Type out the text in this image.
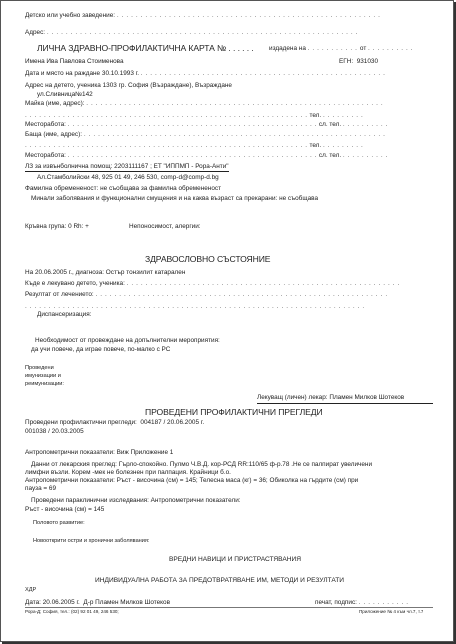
Детско или учебно заведение: . . . . . . . . . . . . . . . . . . . . . . . . . . . . . . . . . . . . . . . . . . . . . . . . . . . . . . . .
Адрес: . . . . . . . . . . . . . . . . . . . . . . . . . . . . . . . . . . . . . . . . . . . . . . . . . . . . . . . . . . . . . . . . . .
ЛИЧНА ЗДРАВНО-ПРОФИЛАКТИЧНА КАРТА № . . . . . . издадена на . . . . . . . . . . . от . . . . . . . . . .
Имена Ива Павлова Стоименова	ЕГН: 931030
Дата и място на раждане 30.10.1993 г. . . . . . . . . . . . . . . . . . . . . . . . . . . . . . . . . . . . . . . . . . . . . . . . . . . . .
Адрес на детето, ученика 1303 гр. София (Възраждане), Възраждане
ул.Сливница№142
Майка (име, адрес): . . . . . . . . . . . . . . . . . . . . . . . . . . . . . . . . . . . . . . . . . . . . . . . . . . . . . . . . . . . . . . .
. . . . . . . . . . . . . . . . . . . . . . . . . . . . . . . . . . . . . . . . . . . . . . . . . . . . . . . . . . . . тел. . . . . . . . . .
Месторабота: . . . . . . . . . . . . . . . . . . . . . . . . . . . . . . . . . . . . . . . . . . . . . . . . . . . . . сл. тел. . . . . . . . . . .
Баща (име, адрес): . . . . . . . . . . . . . . . . . . . . . . . . . . . . . . . . . . . . . . . . . . . . . . . . . . . . . . . . . . . . . . . .
. . . . . . . . . . . . . . . . . . . . . . . . . . . . . . . . . . . . . . . . . . . . . . . . . . . . . . . . . . . . тел. . . . . . . . . .
Месторабота: . . . . . . . . . . . . . . . . . . . . . . . . . . . . . . . . . . . . . . . . . . . . . . . . . . . . . сл. тел. . . . . . . . . . .
ЛЗ за извънболнична помощ: 2203111167 ; ЕТ "ИППМП - Рора-Анти"
Ал.Стамболийски 48, 925 01 49, 246 530, comp-d@comp-d.bg
Фамилна обремененост: не съобщава за фамилна обремененост
Минали заболявания и функционални смущения и на каква възраст са прекарани: не съобщава
Кръвна група: 0 Rh: +	Непоносимост, алергии:
ЗДРАВОСЛОВНО СЪСТОЯНИЕ
На 20.06.2005 г., диагноза: Остър тонзилит катарален
Къде е лекувано детето, ученика: . . . . . . . . . . . . . . . . . . . . . . . . . . . . . . . . . . . . . . . . . . . . . . . . . . . . . . . . . .
Резултат от лечението: . . . . . . . . . . . . . . . . . . . . . . . . . . . . . . . . . . . . . . . . . . . . . . . . . . . . . . . . . . . . . .
. . . . . . . . . . . . . . . . . . . . . . . . . . . . . . . . . . . . . . . . . . . . . . . . . . . . . . . . . . . . . . . . . . . . . . . .
Диспансеризация:
Необходимост от провеждане на допълнителни мероприятия:
да учи повече, да играе повече, по-малко с PC
Проведени
имунизации и
реимунизации:
Лекуващ (личен) лекар: Пламен Милков Шотеков
ПРОВЕДЕНИ ПРОФИЛАКТИЧНИ ПРЕГЛЕДИ
Проведени профилактични прегледи: 004187 / 20.06.2005 г.
001038 / 20.03.2005
Антропометрични показатели: Виж Приложение 1
Данни от лекарския преглед: Гърло-спокойно. Пулмо Ч.В.Д. кор-РСД RR:110/65 ф-р.78 .Не се палпират увеличени
лимфни възли. Корем -мек не болезнен при палпация. Крайници б.о.
Антропометрични показатели: Ръст - височина (см) = 145; Телесна маса (кг) = 36; Обиколка на гърдите (см) при
пауза = 69
Проведени параклинични изследвания: Антропометрични показатели:
Ръст - височина (см) = 145
Половото развитие:
Новооткрити остри и хронични заболявания:
ВРЕДНИ НАВИЦИ И ПРИСТРАСТЯВАНИЯ
ИНДИВИДУАЛНА РАБОТА ЗА ПРЕДОТВРАТЯВАНЕ ИМ, МЕТОДИ И РЕЗУЛТАТИ
ХДР
Дата: 20.06.2005 г. Д-р Пламен Милков Шотеков	печат, подпис: . . . . . . . . . . .
Рора-Д; София, тел.: (02) 92 01 49, 246 530;	Приложение № 4 към чл.7, т.7
